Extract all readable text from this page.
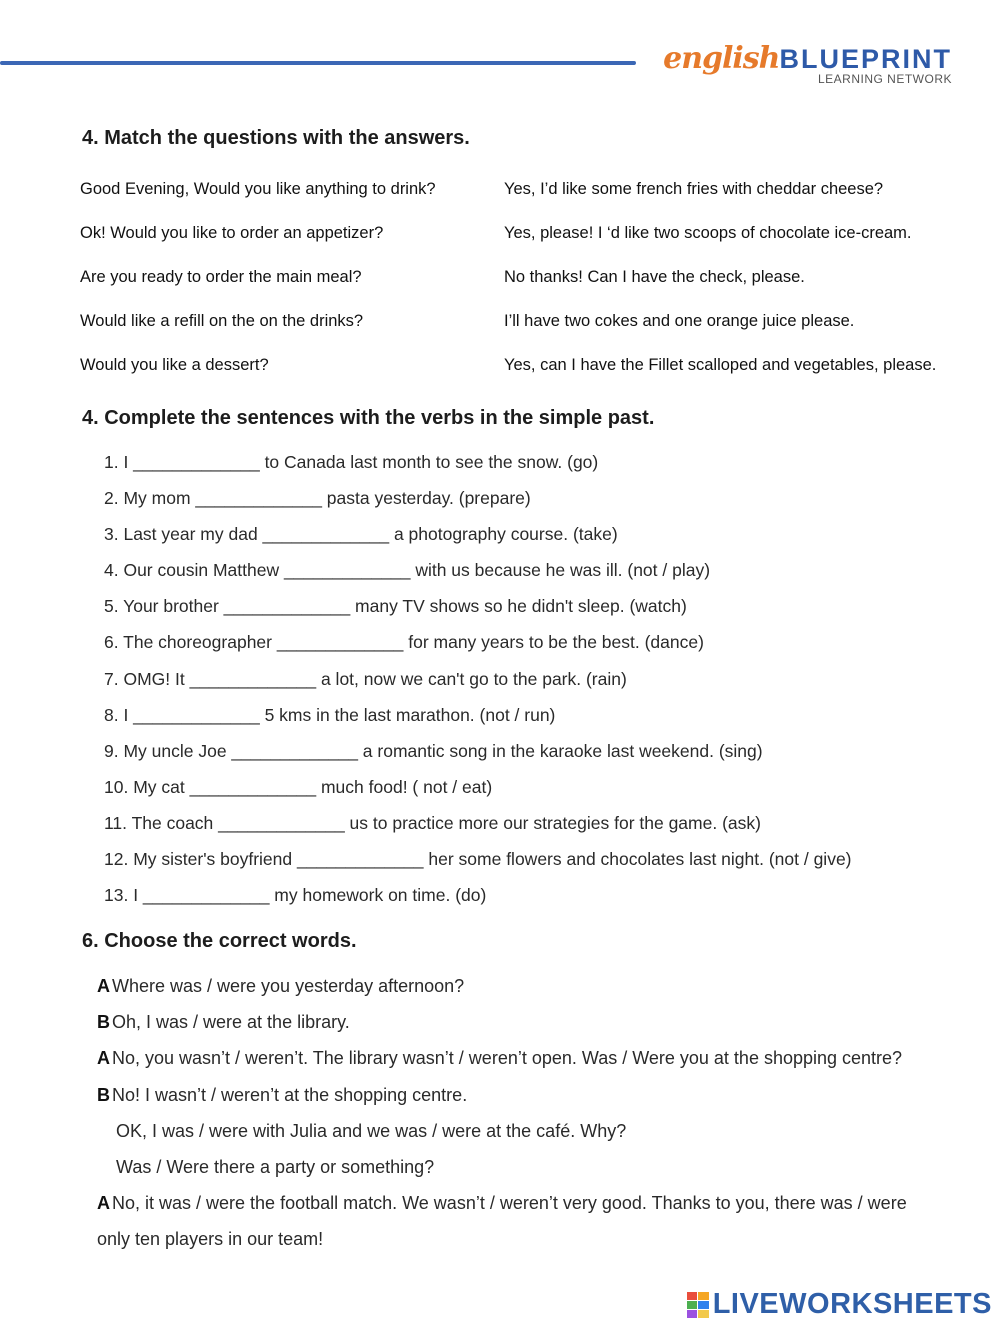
englishBLUEPRINT
LEARNING NETWORK
4. Match the questions with the answers.
Good Evening, Would you like anything to drink?
Ok! Would you like to order an appetizer?
Are you ready to order the main meal?
Would like a refill on the on the drinks?
Would you like a dessert?
Yes, I’d like some french fries with cheddar cheese?
Yes, please! I ‘d like two scoops of chocolate ice-cream.
No thanks! Can I have the check, please.
I’ll have two cokes and one orange juice please.
Yes, can I have the Fillet scalloped and vegetables, please.
4. Complete the sentences with the verbs in the simple past.
1. I _____________ to Canada last month to see the snow. (go)
2. My mom _____________ pasta yesterday. (prepare)
3. Last year my dad _____________ a photography course. (take)
4. Our cousin Matthew _____________ with us because he was ill. (not / play)
5. Your brother _____________ many TV shows so he didn't sleep. (watch)
6. The choreographer _____________ for many years to be the best. (dance)
7. OMG! It _____________ a lot, now we can't go to the park. (rain)
8. I _____________ 5 kms in the last marathon. (not / run)
9. My uncle Joe _____________ a romantic song in the karaoke last weekend. (sing)
10. My cat _____________ much food! ( not / eat)
11. The coach _____________ us to practice more our strategies for the game. (ask)
12. My sister's boyfriend _____________ her some flowers and chocolates last night. (not / give)
13. I _____________ my homework on time. (do)
6. Choose the correct words.
A Where was / were you yesterday afternoon?
B Oh, I was / were at the library.
A No, you wasn’t / weren’t. The library wasn’t / weren’t open. Was / Were you at the shopping centre?
B No! I wasn’t / weren’t at the shopping centre.
OK, I was / were with Julia and we was / were at the café. Why?
Was / Were there a party or something?
A No, it was / were the football match. We wasn’t / weren’t very good. Thanks to you, there was / were
only ten players in our team!
LIVEWORKSHEETS
